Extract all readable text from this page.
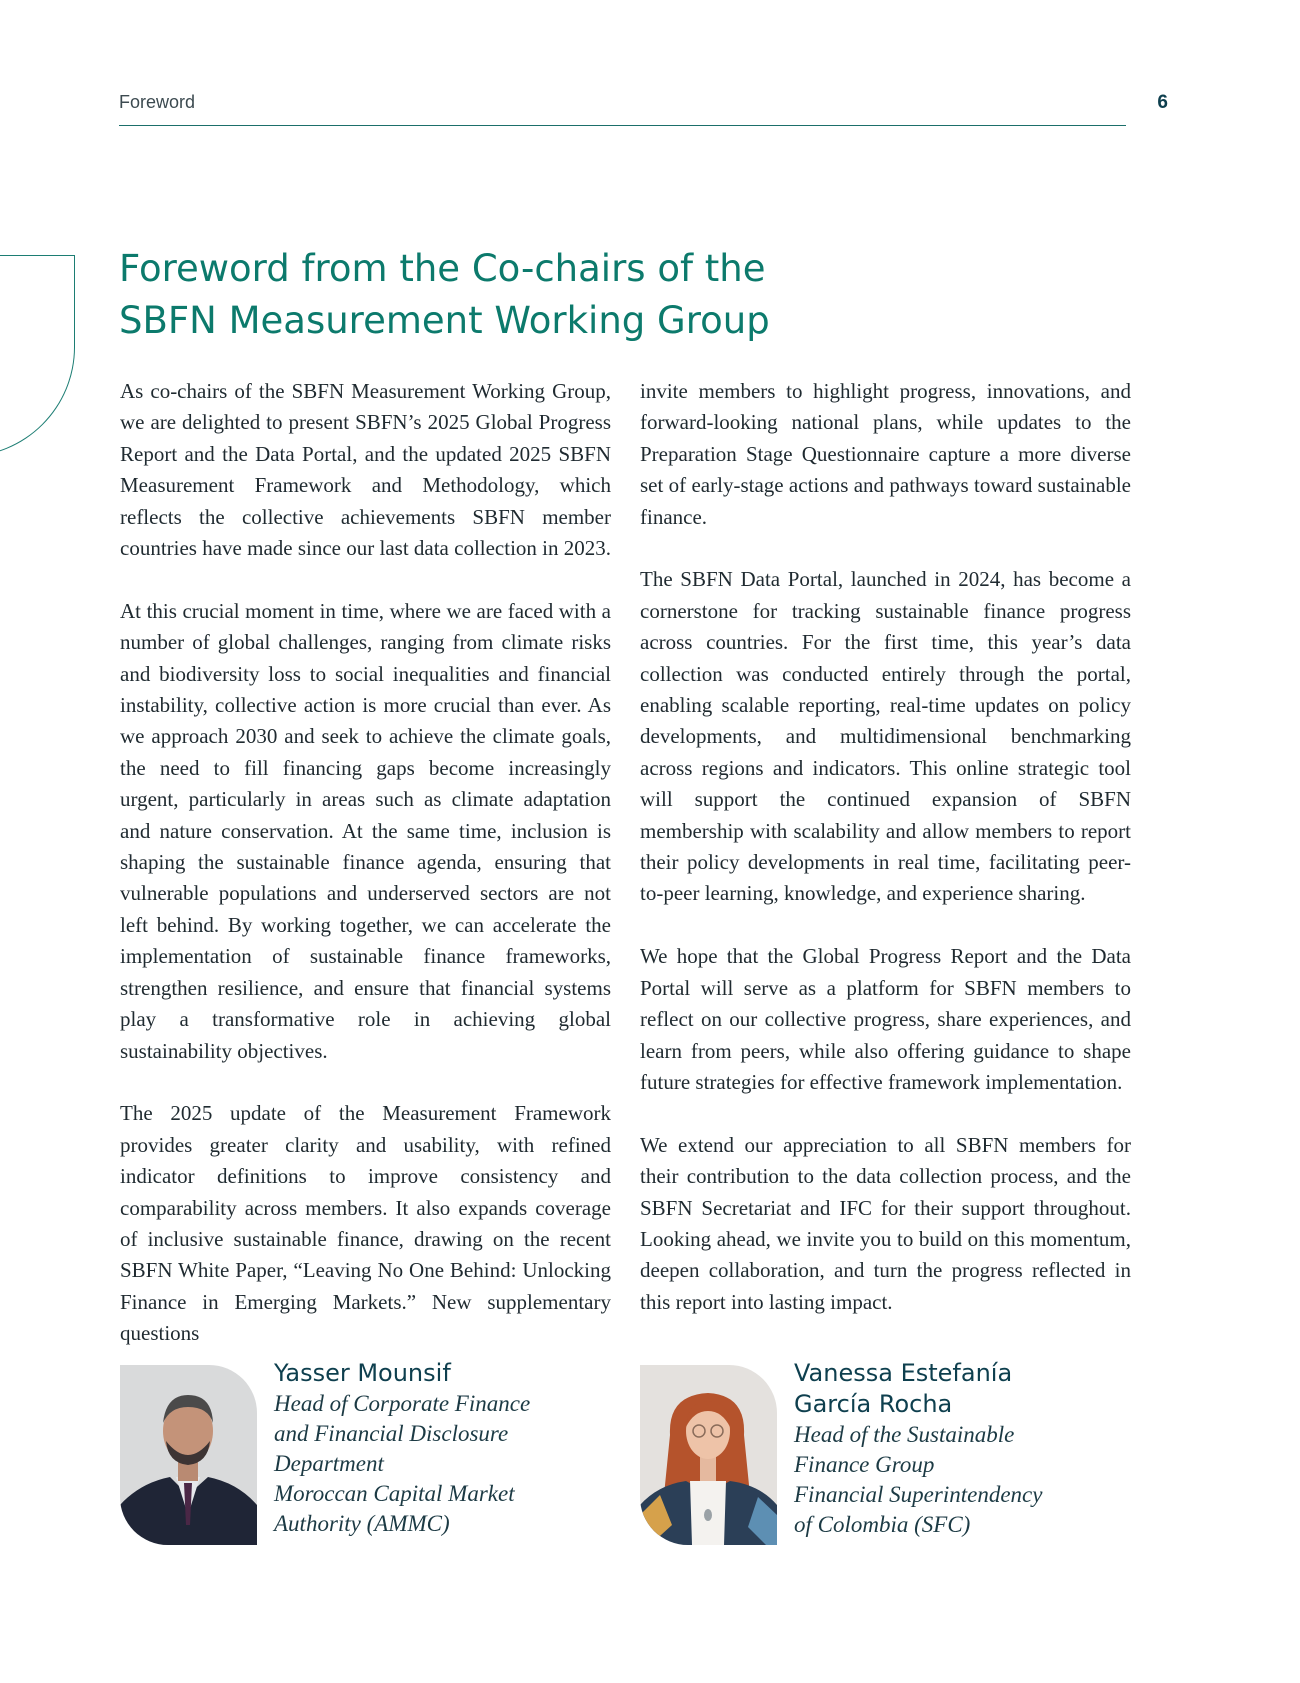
Foreword	6
Foreword from the Co-chairs of the
SBFN Measurement Working Group

As co-chairs of the SBFN Measurement Working Group, we are delighted to present SBFN’s 2025 Global Progress Report and the Data Portal, and the updated 2025 SBFN Measurement Framework and Methodology, which reflects the collective achievements SBFN member countries have made since our last data collection in 2023.

At this crucial moment in time, where we are faced with a number of global challenges, ranging from climate risks and biodiversity loss to social inequalities and financial instability, collective action is more crucial than ever. As we approach 2030 and seek to achieve the climate goals, the need to fill financing gaps become increasingly urgent, particularly in areas such as climate adaptation and nature conservation. At the same time, inclusion is shaping the sustainable finance agenda, ensuring that vulnerable populations and underserved sectors are not left behind. By working together, we can accelerate the implementation of sustainable finance frameworks, strengthen resilience, and ensure that financial systems play a transformative role in achieving global sustainability objectives.

The 2025 update of the Measurement Framework provides greater clarity and usability, with refined indicator definitions to improve consistency and comparability across members. It also expands coverage of inclusive sustainable finance, drawing on the recent SBFN White Paper, “Leaving No One Behind: Unlocking Finance in Emerging Markets.” New supplementary questions

invite members to highlight progress, innovations, and forward-looking national plans, while updates to the Preparation Stage Questionnaire capture a more diverse set of early-stage actions and pathways toward sustainable finance.

The SBFN Data Portal, launched in 2024, has become a cornerstone for tracking sustainable finance progress across countries. For the first time, this year’s data collection was conducted entirely through the portal, enabling scalable reporting, real-time updates on policy developments, and multidimensional benchmarking across regions and indicators. This online strategic tool will support the continued expansion of SBFN membership with scalability and allow members to report their policy developments in real time, facilitating peer-to-peer learning, knowledge, and experience sharing.

We hope that the Global Progress Report and the Data Portal will serve as a platform for SBFN members to reflect on our collective progress, share experiences, and learn from peers, while also offering guidance to shape future strategies for effective framework implementation.

We extend our appreciation to all SBFN members for their contribution to the data collection process, and the SBFN Secretariat and IFC for their support throughout. Looking ahead, we invite you to build on this momentum, deepen collaboration, and turn the progress reflected in this report into lasting impact.

Yasser Mounsif
Head of Corporate Finance
and Financial Disclosure
Department
Moroccan Capital Market
Authority (AMMC)
Vanessa Estefanía
García Rocha
Head of the Sustainable
Finance Group
Financial Superintendency
of Colombia (SFC)
